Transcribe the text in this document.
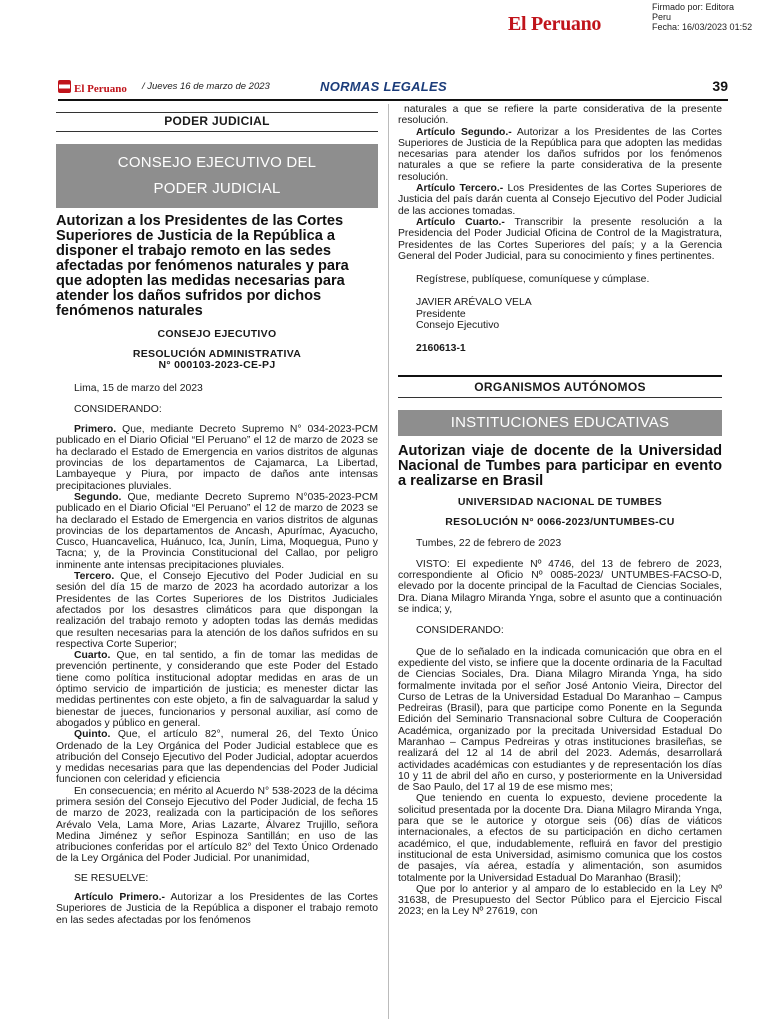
El Peruano
Firmado por: Editora
Peru
Fecha: 16/03/2023 01:52
El Peruano / Jueves 16 de marzo de 2023	NORMAS LEGALES	39
PODER JUDICIAL
CONSEJO EJECUTIVO DEL
PODER JUDICIAL
Autorizan a los Presidentes de las Cortes Superiores de Justicia de la República a disponer el trabajo remoto en las sedes afectadas por fenómenos naturales y para que adopten las medidas necesarias para atender los daños sufridos por dichos fenómenos naturales
CONSEJO EJECUTIVO
RESOLUCIÓN ADMINISTRATIVA
N° 000103-2023-CE-PJ

Lima, 15 de marzo del 2023

CONSIDERANDO:

Primero. Que, mediante Decreto Supremo N° 034-2023-PCM publicado en el Diario Oficial “El Peruano” el 12 de marzo de 2023 se ha declarado el Estado de Emergencia en varios distritos de algunas provincias de los departamentos de Cajamarca, La Libertad, Lambayeque y Piura, por impacto de daños ante intensas precipitaciones pluviales.

Segundo. Que, mediante Decreto Supremo N°035-2023-PCM publicado en el Diario Oficial “El Peruano” el 12 de marzo de 2023 se ha declarado el Estado de Emergencia en varios distritos de algunas provincias de los departamentos de Ancash, Apurímac, Ayacucho, Cusco, Huancavelica, Huánuco, Ica, Junín, Lima, Moquegua, Puno y Tacna; y, de la Provincia Constitucional del Callao, por peligro inminente ante intensas precipitaciones pluviales.

Tercero. Que, el Consejo Ejecutivo del Poder Judicial en su sesión del día 15 de marzo de 2023 ha acordado autorizar a los Presidentes de las Cortes Superiores de los Distritos Judiciales afectados por los desastres climáticos para que dispongan la realización del trabajo remoto y adopten todas las demás medidas que resulten necesarias para la atención de los daños sufridos en su respectiva Corte Superior;

Cuarto. Que, en tal sentido, a fin de tomar las medidas de prevención pertinente, y considerando que este Poder del Estado tiene como política institucional adoptar medidas en aras de un óptimo servicio de impartición de justicia; es menester dictar las medidas pertinentes con este objeto, a fin de salvaguardar la salud y bienestar de jueces, funcionarios y personal auxiliar, así como de abogados y público en general.

Quinto. Que, el artículo 82°, numeral 26, del Texto Único Ordenado de la Ley Orgánica del Poder Judicial establece que es atribución del Consejo Ejecutivo del Poder Judicial, adoptar acuerdos y medidas necesarias para que las dependencias del Poder Judicial funcionen con celeridad y eficiencia

En consecuencia; en mérito al Acuerdo N° 538-2023 de la décima primera sesión del Consejo Ejecutivo del Poder Judicial, de fecha 15 de marzo de 2023, realizada con la participación de los señores Arévalo Vela, Lama More, Arias Lazarte, Álvarez Trujillo, señora Medina Jiménez y señor Espinoza Santillán; en uso de las atribuciones conferidas por el artículo 82° del Texto Único Ordenado de la Ley Orgánica del Poder Judicial. Por unanimidad,

SE RESUELVE:

Artículo Primero.- Autorizar a los Presidentes de las Cortes Superiores de Justicia de la República a disponer el trabajo remoto en las sedes afectadas por los fenómenos

naturales a que se refiere la parte considerativa de la presente resolución.

Artículo Segundo.- Autorizar a los Presidentes de las Cortes Superiores de Justicia de la República para que adopten las medidas necesarias para atender los daños sufridos por los fenómenos naturales a que se refiere la parte considerativa de la presente resolución.

Artículo Tercero.- Los Presidentes de las Cortes Superiores de Justicia del país darán cuenta al Consejo Ejecutivo del Poder Judicial de las acciones tomadas.

Artículo Cuarto.- Transcribir la presente resolución a la Presidencia del Poder Judicial Oficina de Control de la Magistratura, Presidentes de las Cortes Superiores del país; y a la Gerencia General del Poder Judicial, para su conocimiento y fines pertinentes.

Regístrese, publíquese, comuníquese y cúmplase.

JAVIER ARÉVALO VELA

Presidente

Consejo Ejecutivo

2160613-1

ORGANISMOS AUTÓNOMOS
INSTITUCIONES EDUCATIVAS
Autorizan viaje de docente de la Universidad Nacional de Tumbes para participar en evento a realizarse en Brasil
UNIVERSIDAD NACIONAL DE TUMBES
RESOLUCIÓN N° 0066-2023/UNTUMBES-CU

Tumbes, 22 de febrero de 2023

VISTO: El expediente Nº 4746, del 13 de febrero de 2023, correspondiente al Oficio Nº 0085-2023/ UNTUMBES-FACSO-D, elevado por la docente principal de la Facultad de Ciencias Sociales, Dra. Diana Milagro Miranda Ynga, sobre el asunto que a continuación se indica; y,

CONSIDERANDO:

Que de lo señalado en la indicada comunicación que obra en el expediente del visto, se infiere que la docente ordinaria de la Facultad de Ciencias Sociales, Dra. Diana Milagro Miranda Ynga, ha sido formalmente invitada por el señor José Antonio Vieira, Director del Curso de Letras de la Universidad Estadual Do Maranhao – Campus Pedreiras (Brasil), para que participe como Ponente en la Segunda Edición del Seminario Transnacional sobre Cultura de Cooperación Académica, organizado por la precitada Universidad Estadual Do Maranhao – Campus Pedreiras y otras instituciones brasileñas, se realizará del 12 al 14 de abril del 2023. Además, desarrollará actividades académicas con estudiantes y de representación los días 10 y 11 de abril del año en curso, y posteriormente en la Universidad de Sao Paulo, del 17 al 19 de ese mismo mes;

Que teniendo en cuenta lo expuesto, deviene procedente la solicitud presentada por la docente Dra. Diana Milagro Miranda Ynga, para que se le autorice y otorgue seis (06) días de viáticos internacionales, a efectos de su participación en dicho certamen académico, el que, indudablemente, refluirá en favor del prestigio institucional de esta Universidad, asimismo comunica que los costos de pasajes, vía aérea, estadía y alimentación, son asumidos totalmente por la Universidad Estadual Do Maranhao (Brasil);

Que por lo anterior y al amparo de lo establecido en la Ley Nº 31638, de Presupuesto del Sector Público para el Ejercicio Fiscal 2023; en la Ley Nº 27619, con
